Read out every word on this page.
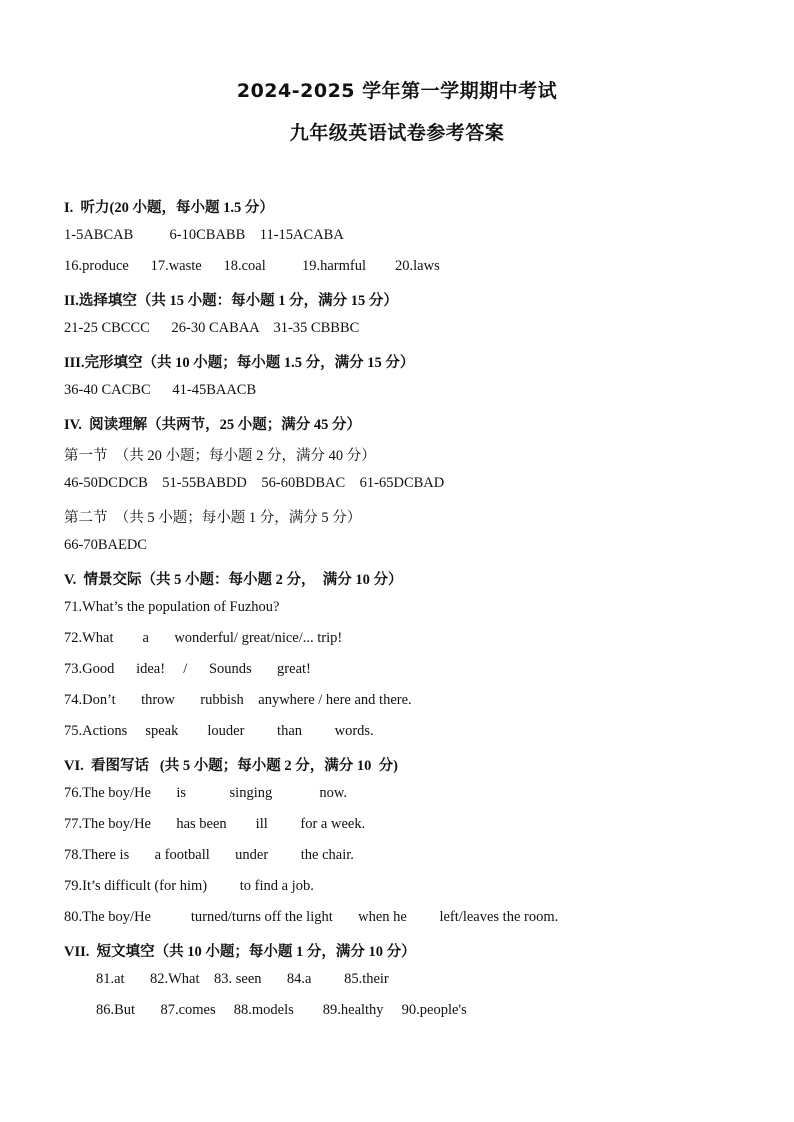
2024-2025 学年第一学期期中考试
九年级英语试卷参考答案
I.  听力(20 小题，每小题 1.5 分）
1-5ABCAB          6-10CBABB    11-15ACABA
16.produce      17.waste      18.coal          19.harmful        20.laws
II.选择填空（共 15 小题：每小题 1 分，满分 15 分）
21-25 CBCCC      26-30 CABAA    31-35 CBBBC
III.完形填空（共 10 小题；每小题 1.5 分，满分 15 分）
36-40 CACBC      41-45BAACB
IV.  阅读理解（共两节，25 小题；满分 45 分）
第一节  （共 20 小题；每小题 2 分，满分 40 分）
46-50DCDCB    51-55BABDD    56-60BDBAC    61-65DCBAD
第二节  （共 5 小题；每小题 1 分，满分 5 分）
66-70BAEDC
V.  情景交际（共 5 小题：每小题 2 分，  满分 10 分）
71.What’s the population of Fuzhou?
72.What        a       wonderful/ great/nice/... trip!
73.Good      idea!     /      Sounds       great!
74.Don’t       throw       rubbish    anywhere / here and there.
75.Actions     speak        louder         than         words.
VI.  看图写话   (共 5 小题；每小题 2 分，满分 10  分)
76.The boy/He       is            singing             now.
77.The boy/He       has been        ill         for a week.
78.There is       a football       under         the chair.
79.It’s difficult (for him)         to find a job.
80.The boy/He           turned/turns off the light       when he         left/leaves the room.
VII.  短文填空（共 10 小题；每小题 1 分，满分 10 分）
81.at       82.What    83. seen       84.a         85.their
86.But       87.comes     88.models        89.healthy     90.people's
